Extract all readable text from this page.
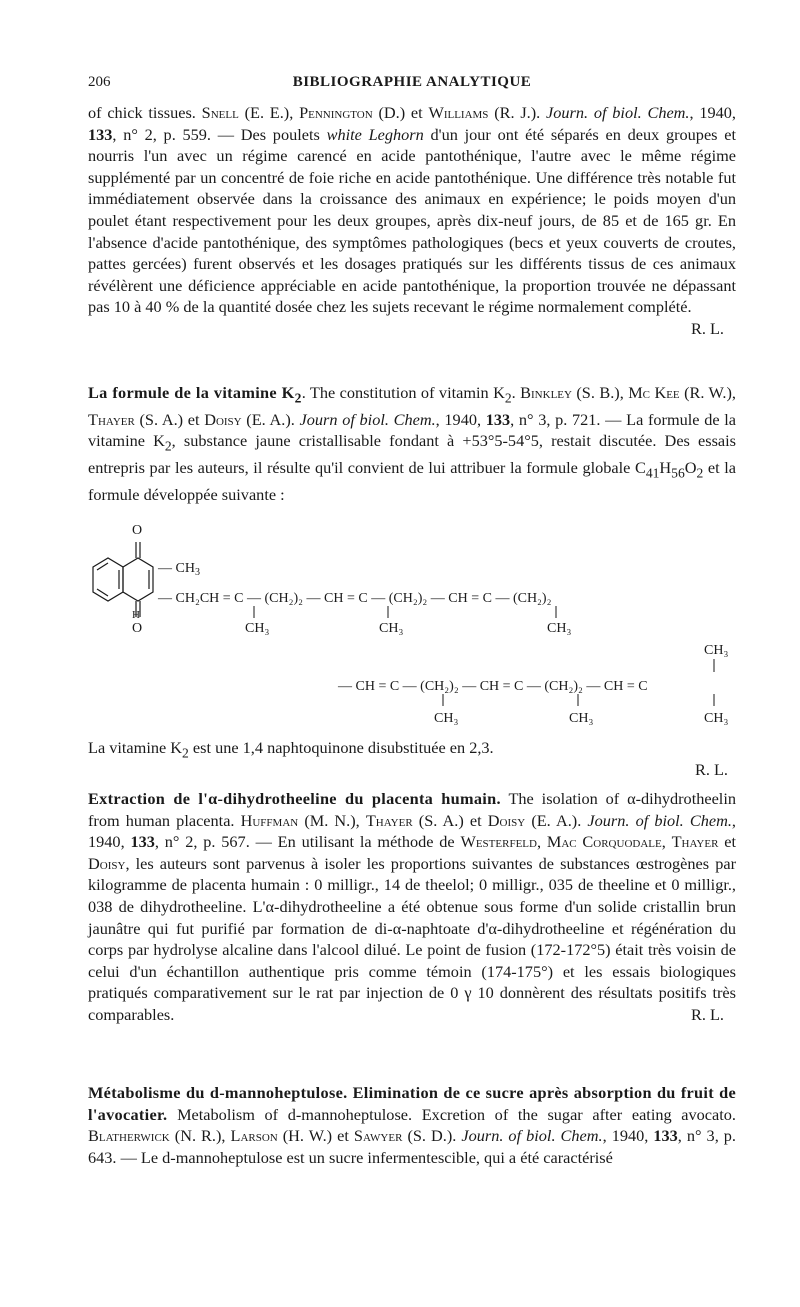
206	BIBLIOGRAPHIE ANALYTIQUE

of chick tissues. Snell (E. E.), Pennington (D.) et Williams (R. J.). Journ. of biol. Chem., 1940, 133, n° 2, p. 559. — Des poulets white Leghorn d'un jour ont été séparés en deux groupes et nourris l'un avec un régime carencé en acide pantothénique, l'autre avec le même régime supplémenté par un concentré de foie riche en acide pantothénique. Une différence très notable fut immédiatement observée dans la croissance des animaux en expérience; le poids moyen d'un poulet étant respectivement pour les deux groupes, après dix-neuf jours, de 85 et de 165 gr. En l'absence d'acide pantothénique, des symptômes pathologiques (becs et yeux couverts de croutes, pattes gercées) furent observés et les dosages pratiqués sur les différents tissus de ces animaux révélèrent une déficience appréciable en acide pantothénique, la proportion trouvée ne dépassant pas 10 à 40 % de la quantité dosée chez les sujets recevant le régime normalement complété.
R. L.

La formule de la vitamine $K_2$. The constitution of vitamin $K_2$. Binkley (S. B.), Mc Kee (R. W.), Thayer (S. A.) et Doisy (E. A.). Journ of biol. Chem., 1940, 133, n° 3, p. 721. — La formule de la vitamine $K_2$, substance jaune cristallisable fondant à +53°5-54°5, restait discutée. Des essais entrepris par les auteurs, il résulte qu'il convient de lui attribuer la formule globale $C_{41}H_{56}O_2$ et la formule développée suivante :

O
O
H
— $CH_3$
— CH₂CH = C — (CH₂)₂ — CH = C — (CH₂)₂ — CH = C — (CH₂)₂
CH₃	CH₃	CH₃
CH₃
— CH = C — (CH₂)₂ — CH = C — (CH₂)₂ — CH = C
CH₃	CH₃	CH₃
La vitamine $K_2$ est une 1,4 naphtoquinone disubstituée en 2,3.
R. L.

Extraction de l'α-dihydrotheeline du placenta humain. The isolation of α-dihydrotheelin from human placenta. Huffman (M. N.), Thayer (S. A.) et Doisy (E. A.). Journ. of biol. Chem., 1940, 133, n° 2, p. 567. — En utilisant la méthode de Westerfeld, Mac Corquodale, Thayer et Doisy, les auteurs sont parvenus à isoler les proportions suivantes de substances œstrogènes par kilogramme de placenta humain : 0 milligr., 14 de theelol; 0 milligr., 035 de theeline et 0 milligr., 038 de dihydrotheeline. L'α-dihydrotheeline a été obtenue sous forme d'un solide cristallin brun jaunâtre qui fut purifié par formation de di-α-naphtoate d'α-dihydrotheeline et régénération du corps par hydrolyse alcaline dans l'alcool dilué. Le point de fusion (172-172°5) était très voisin de celui d'un échantillon authentique pris comme témoin (174-175°) et les essais biologiques pratiqués comparativement sur le rat par injection de 0 γ 10 donnèrent des résultats positifs très comparables.	R. L.

Métabolisme du d-mannoheptulose. Elimination de ce sucre après absorption du fruit de l'avocatier. Metabolism of d-mannoheptulose. Excretion of the sugar after eating avocato. Blatherwick (N. R.), Larson (H. W.) et Sawyer (S. D.). Journ. of biol. Chem., 1940, 133, n° 3, p. 643. — Le d-mannoheptulose est un sucre infermentescible, qui a été caractérisé
